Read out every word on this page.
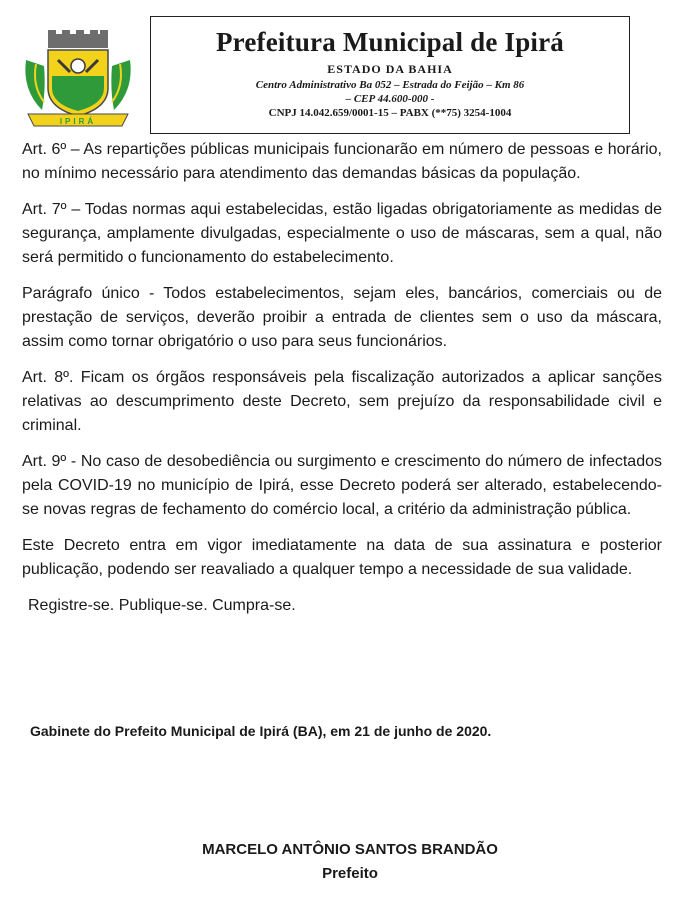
IPIRÁ
Prefeitura Municipal de Ipirá
ESTADO DA BAHIA
Centro Administrativo Ba 052 – Estrada do Feijão – Km 86
– CEP 44.600-000 -
CNPJ 14.042.659/0001-15 – PABX (**75) 3254-1004

Art. 6º – As repartições públicas municipais funcionarão em número de pessoas e horário, no mínimo necessário para atendimento das demandas básicas da população.

Art. 7º – Todas normas aqui estabelecidas, estão ligadas obrigatoriamente as medidas de segurança, amplamente divulgadas, especialmente o uso de máscaras, sem a qual, não será permitido o funcionamento do estabelecimento.

Parágrafo único - Todos estabelecimentos, sejam eles, bancários, comerciais ou de prestação de serviços, deverão proibir a entrada de clientes sem o uso da máscara, assim como tornar obrigatório o uso para seus funcionários.

Art. 8º. Ficam os órgãos responsáveis pela fiscalização autorizados a aplicar sanções relativas ao descumprimento deste Decreto, sem prejuízo da responsabilidade civil e criminal.

Art. 9º - No caso de desobediência ou surgimento e crescimento do número de infectados pela COVID-19 no município de Ipirá, esse Decreto poderá ser alterado, estabelecendo-se novas regras de fechamento do comércio local, a critério da administração pública.

Este Decreto entra em vigor imediatamente na data de sua assinatura e posterior publicação, podendo ser reavaliado a qualquer tempo a necessidade de sua validade.

Registre-se. Publique-se. Cumpra-se.

Gabinete do Prefeito Municipal de Ipirá (BA), em 21 de junho de 2020.
MARCELO ANTÔNIO SANTOS BRANDÃO
Prefeito
